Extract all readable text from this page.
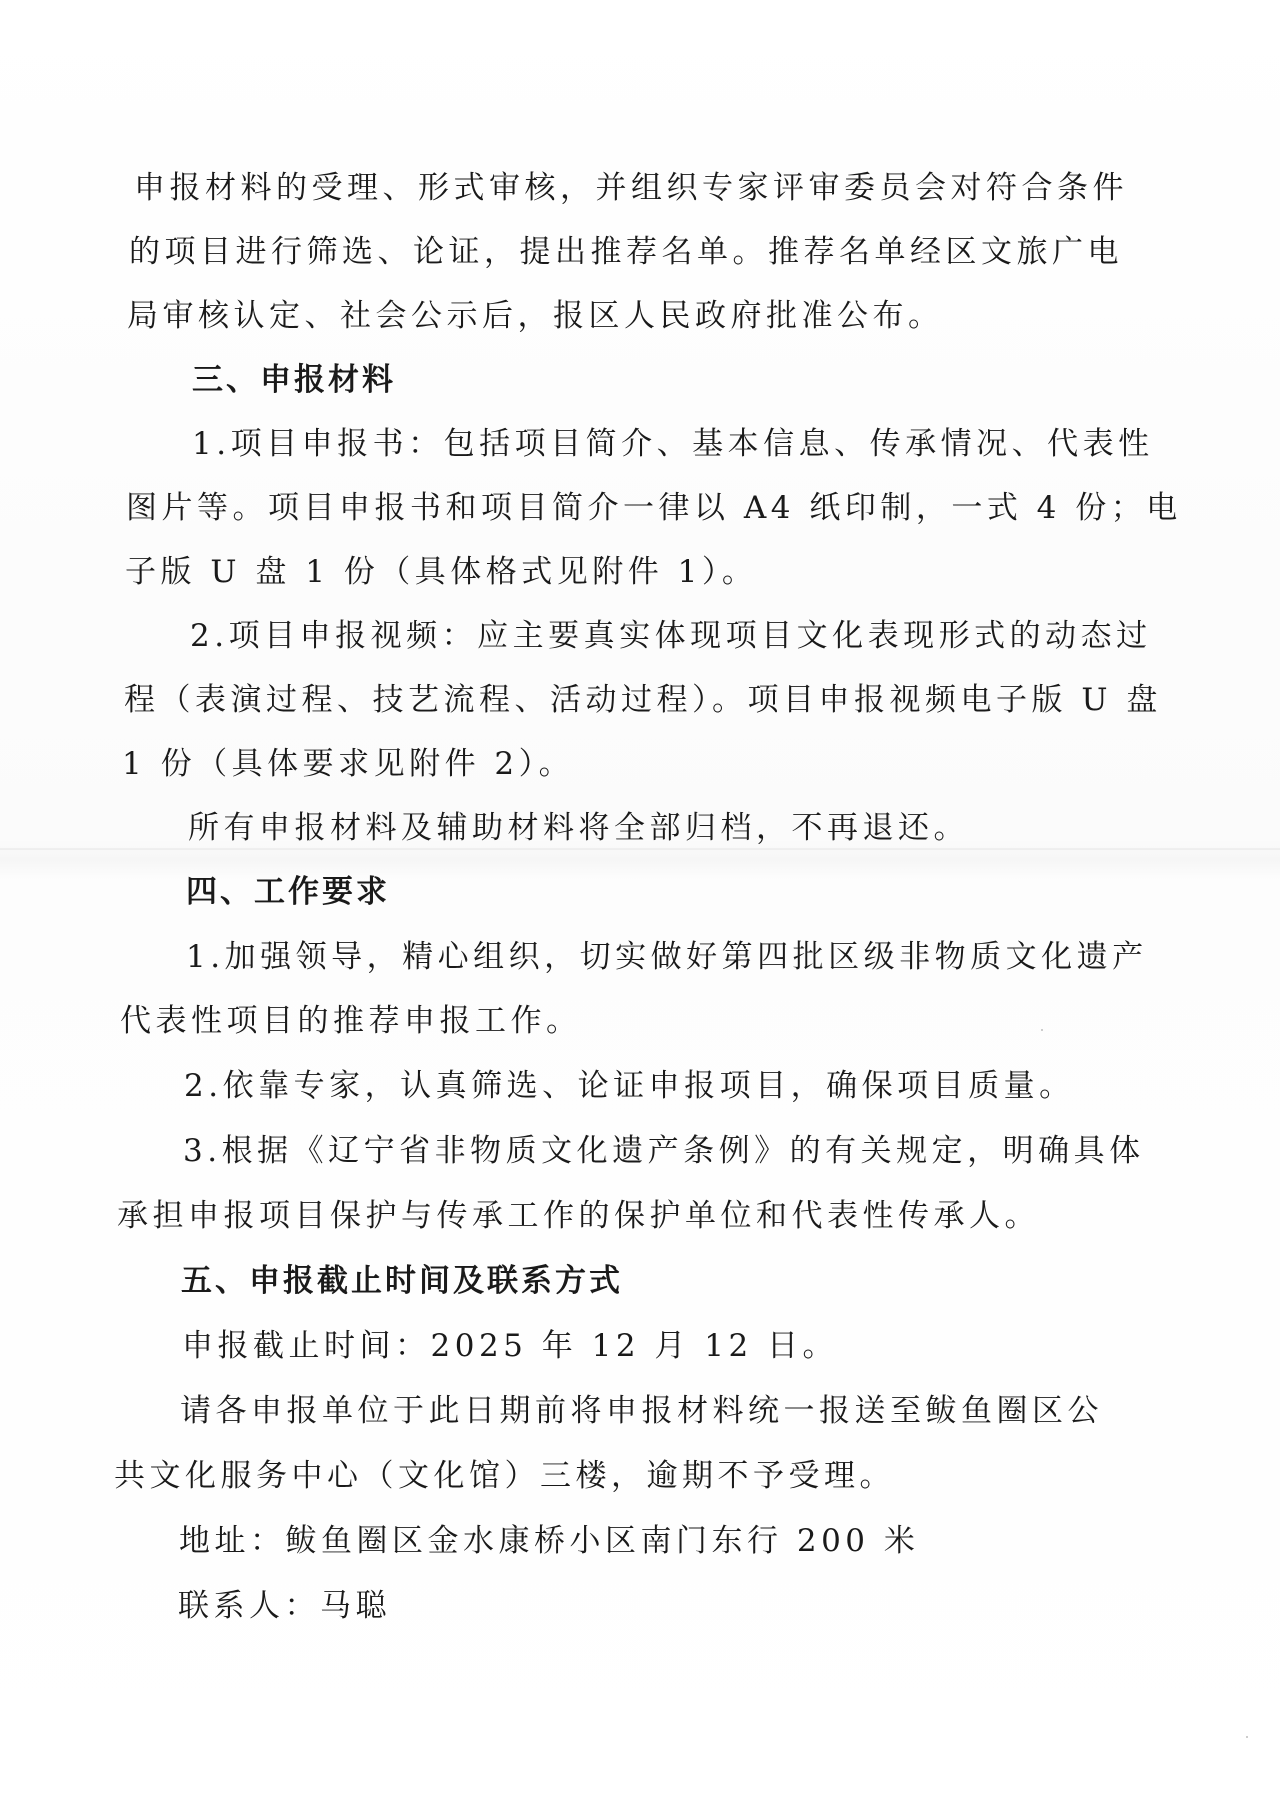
申报材料的受理、形式审核，并组织专家评审委员会对符合条件

的项目进行筛选、论证，提出推荐名单。推荐名单经区文旅广电

局审核认定、社会公示后，报区人民政府批准公布。

三、申报材料

1.项目申报书：包括项目简介、基本信息、传承情况、代表性

图片等。项目申报书和项目简介一律以 A4 纸印制，一式 4 份；电

子版 U 盘 1 份（具体格式见附件 1）。

2.项目申报视频：应主要真实体现项目文化表现形式的动态过

程（表演过程、技艺流程、活动过程）。项目申报视频电子版 U 盘

1 份（具体要求见附件 2）。

所有申报材料及辅助材料将全部归档，不再退还。

四、工作要求

1.加强领导，精心组织，切实做好第四批区级非物质文化遗产

代表性项目的推荐申报工作。

2.依靠专家，认真筛选、论证申报项目，确保项目质量。

3.根据《辽宁省非物质文化遗产条例》的有关规定，明确具体

承担申报项目保护与传承工作的保护单位和代表性传承人。

五、申报截止时间及联系方式

申报截止时间：2025 年 12 月 12 日。

请各申报单位于此日期前将申报材料统一报送至鲅鱼圈区公

共文化服务中心（文化馆）三楼，逾期不予受理。

地址：鲅鱼圈区金水康桥小区南门东行 200 米

联系人：马聪
